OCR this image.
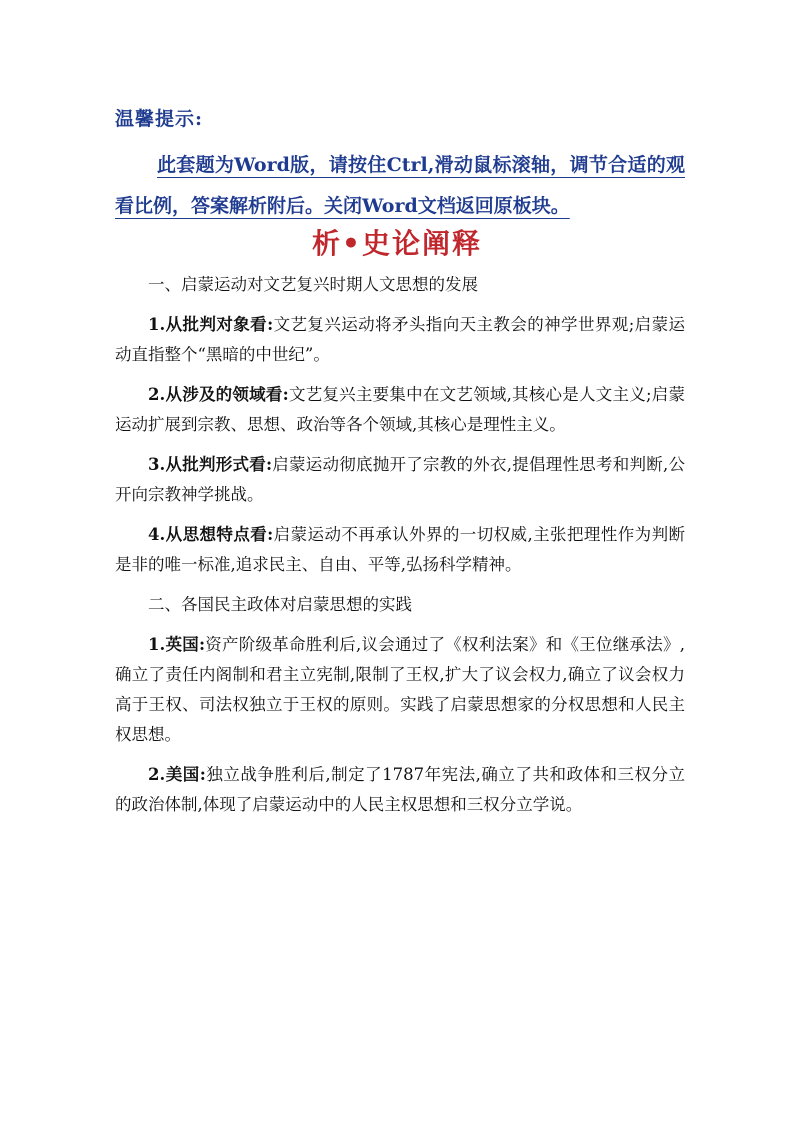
温馨提示:
此套题为Word版，请按住Ctrl,滑动鼠标滚轴，调节合适的观看比例，答案解析附后。关闭Word文档返回原板块。
析•史论阐释

一、启蒙运动对文艺复兴时期人文思想的发展

1.从批判对象看:文艺复兴运动将矛头指向天主教会的神学世界观;启蒙运动直指整个“黑暗的中世纪”。

2.从涉及的领域看:文艺复兴主要集中在文艺领域,其核心是人文主义;启蒙运动扩展到宗教、思想、政治等各个领域,其核心是理性主义。

3.从批判形式看:启蒙运动彻底抛开了宗教的外衣,提倡理性思考和判断,公开向宗教神学挑战。

4.从思想特点看:启蒙运动不再承认外界的一切权威,主张把理性作为判断是非的唯一标准,追求民主、自由、平等,弘扬科学精神。

二、各国民主政体对启蒙思想的实践

1.英国:资产阶级革命胜利后,议会通过了《权利法案》和《王位继承法》,确立了责任内阁制和君主立宪制,限制了王权,扩大了议会权力,确立了议会权力高于王权、司法权独立于王权的原则。实践了启蒙思想家的分权思想和人民主权思想。

2.美国:独立战争胜利后,制定了1787年宪法,确立了共和政体和三权分立的政治体制,体现了启蒙运动中的人民主权思想和三权分立学说。
